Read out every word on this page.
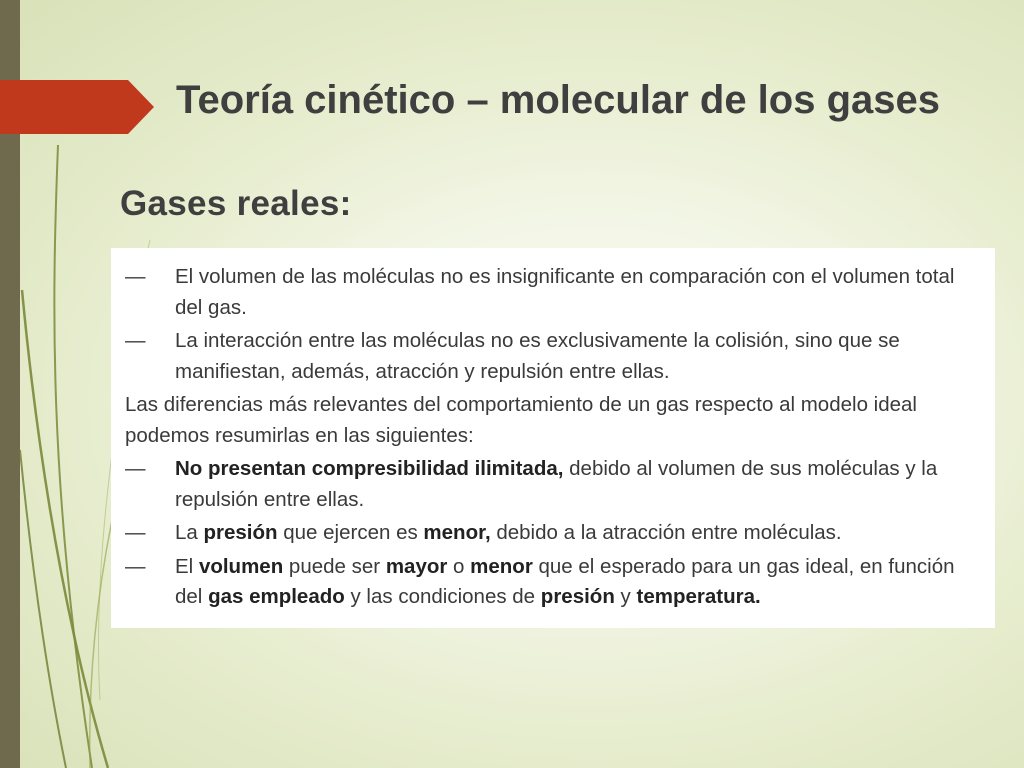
Teoría cinético – molecular de los gases
Gases reales:
—	El volumen de las moléculas no es insignificante en comparación con el volumen total del gas.
—	La interacción entre las moléculas no es exclusivamente la colisión, sino que se manifiestan, además, atracción y repulsión entre ellas.
Las diferencias más relevantes del comportamiento de un gas respecto al modelo ideal podemos resumirlas en las siguientes:
—	No presentan compresibilidad ilimitada, debido al volumen de sus moléculas y la repulsión entre ellas.
—	La presión que ejercen es menor, debido a la atracción entre moléculas.
—	El volumen puede ser mayor o menor que el esperado para un gas ideal, en función del gas empleado y las condiciones de presión y temperatura.
